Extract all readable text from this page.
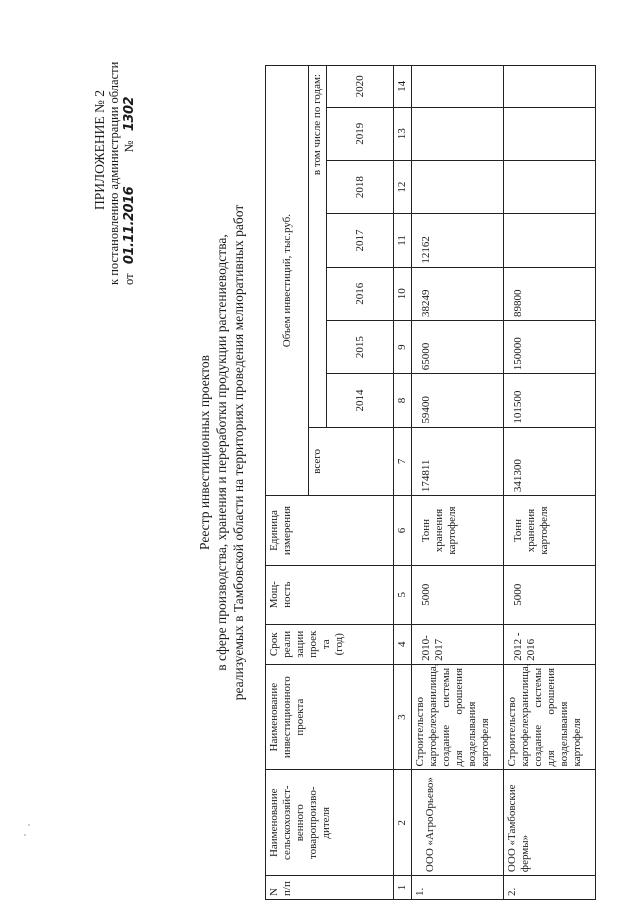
ПРИЛОЖЕНИЕ № 2 к постановлению администрации области от   01.11.2016           №   1302
Реестр инвестиционных проектов в сфере производства, хранения и переработки продукции растениеводства, реализуемых в Тамбовской области на территориях проведения мелиоративных работ
N п/п	Наименование сельскохозяйст-венного товаропроизво-дителя	Наименование инвестиционного проекта	Срок реали зации проек та (год)	Мощ-ность	Единица измерения	Объем инвестиций, тыс.руб.							
						всего	в том числе по годам:						
							2014	2015	2016	2017	2018	2019	2020
1	2	3	4	5	6	7	8	9	10	11	12	13	14
1.	ООО «АгроОрьево»	Строительство картофелехранилища, создание системы для орошения возделывания картофеля	2010-2017	5000	Тонн хранения картофеля	174811	59400	65000	38249	12162			
2.	ООО «Тамбовские фермы»	Строительство картофелехранилища, создание системы для орошения возделывания картофеля	2012 - 2016	5000	Тонн хранения картофеля	341300	101500	150000	89800				
